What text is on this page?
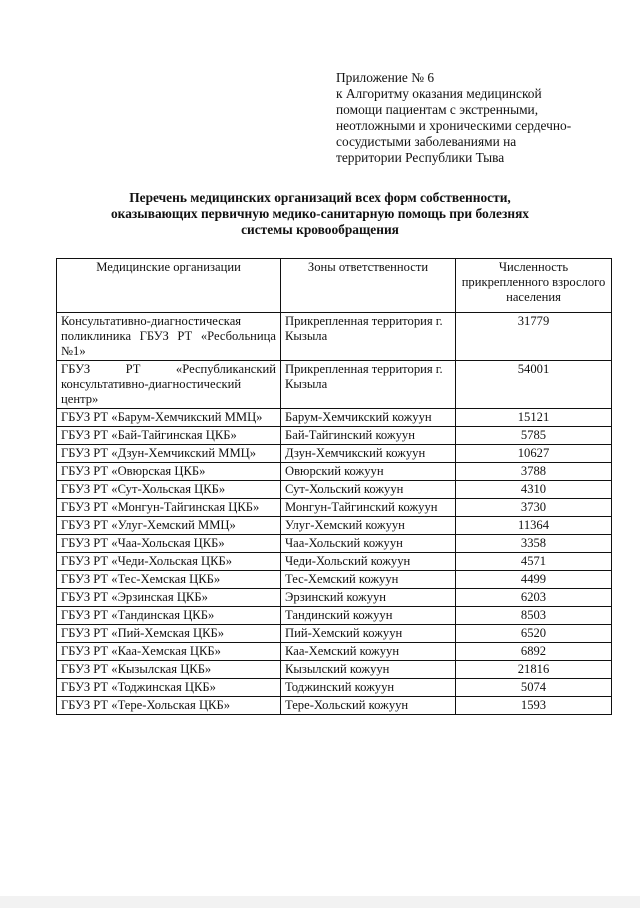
Приложение № 6
к Алгоритму оказания медицинской
помощи пациентам с экстренными,
неотложными и хроническими сердечно-
сосудистыми заболеваниями на
территории Республики Тыва
Перечень медицинских организаций всех форм собственности,
оказывающих первичную медико-санитарную помощь при болезнях
системы кровообращения
Медицинские организации	Зоны ответственности	Численность прикрепленного взрослого населения
Консультативно-диагностическая поликлиника ГБУЗ РТ «Ресбольница №1»	Прикрепленная территория г. Кызыла	31779
ГБУЗ РТ «Республиканский консультативно-диагностический центр»	Прикрепленная территория г. Кызыла	54001
ГБУЗ РТ «Барум-Хемчикский ММЦ»	Барум-Хемчикский кожуун	15121
ГБУЗ РТ «Бай-Тайгинская ЦКБ»	Бай-Тайгинский кожуун	5785
ГБУЗ РТ «Дзун-Хемчикский ММЦ»	Дзун-Хемчикский кожуун	10627
ГБУЗ РТ «Овюрская ЦКБ»	Овюрский кожуун	3788
ГБУЗ РТ «Сут-Хольская ЦКБ»	Сут-Хольский кожуун	4310
ГБУЗ РТ «Монгун-Тайгинская ЦКБ»	Монгун-Тайгинский кожуун	3730
ГБУЗ РТ «Улуг-Хемский ММЦ»	Улуг-Хемский кожуун	11364
ГБУЗ РТ «Чаа-Хольская ЦКБ»	Чаа-Хольский кожуун	3358
ГБУЗ РТ «Чеди-Хольская ЦКБ»	Чеди-Хольский кожуун	4571
ГБУЗ РТ «Тес-Хемская ЦКБ»	Тес-Хемский кожуун	4499
ГБУЗ РТ «Эрзинская ЦКБ»	Эрзинский кожуун	6203
ГБУЗ РТ «Тандинская ЦКБ»	Тандинский кожуун	8503
ГБУЗ РТ «Пий-Хемская ЦКБ»	Пий-Хемский кожуун	6520
ГБУЗ РТ «Каа-Хемская ЦКБ»	Каа-Хемский кожуун	6892
ГБУЗ РТ «Кызылская ЦКБ»	Кызылский кожуун	21816
ГБУЗ РТ «Тоджинская ЦКБ»	Тоджинский кожуун	5074
ГБУЗ РТ «Тере-Хольская ЦКБ»	Тере-Хольский кожуун	1593
